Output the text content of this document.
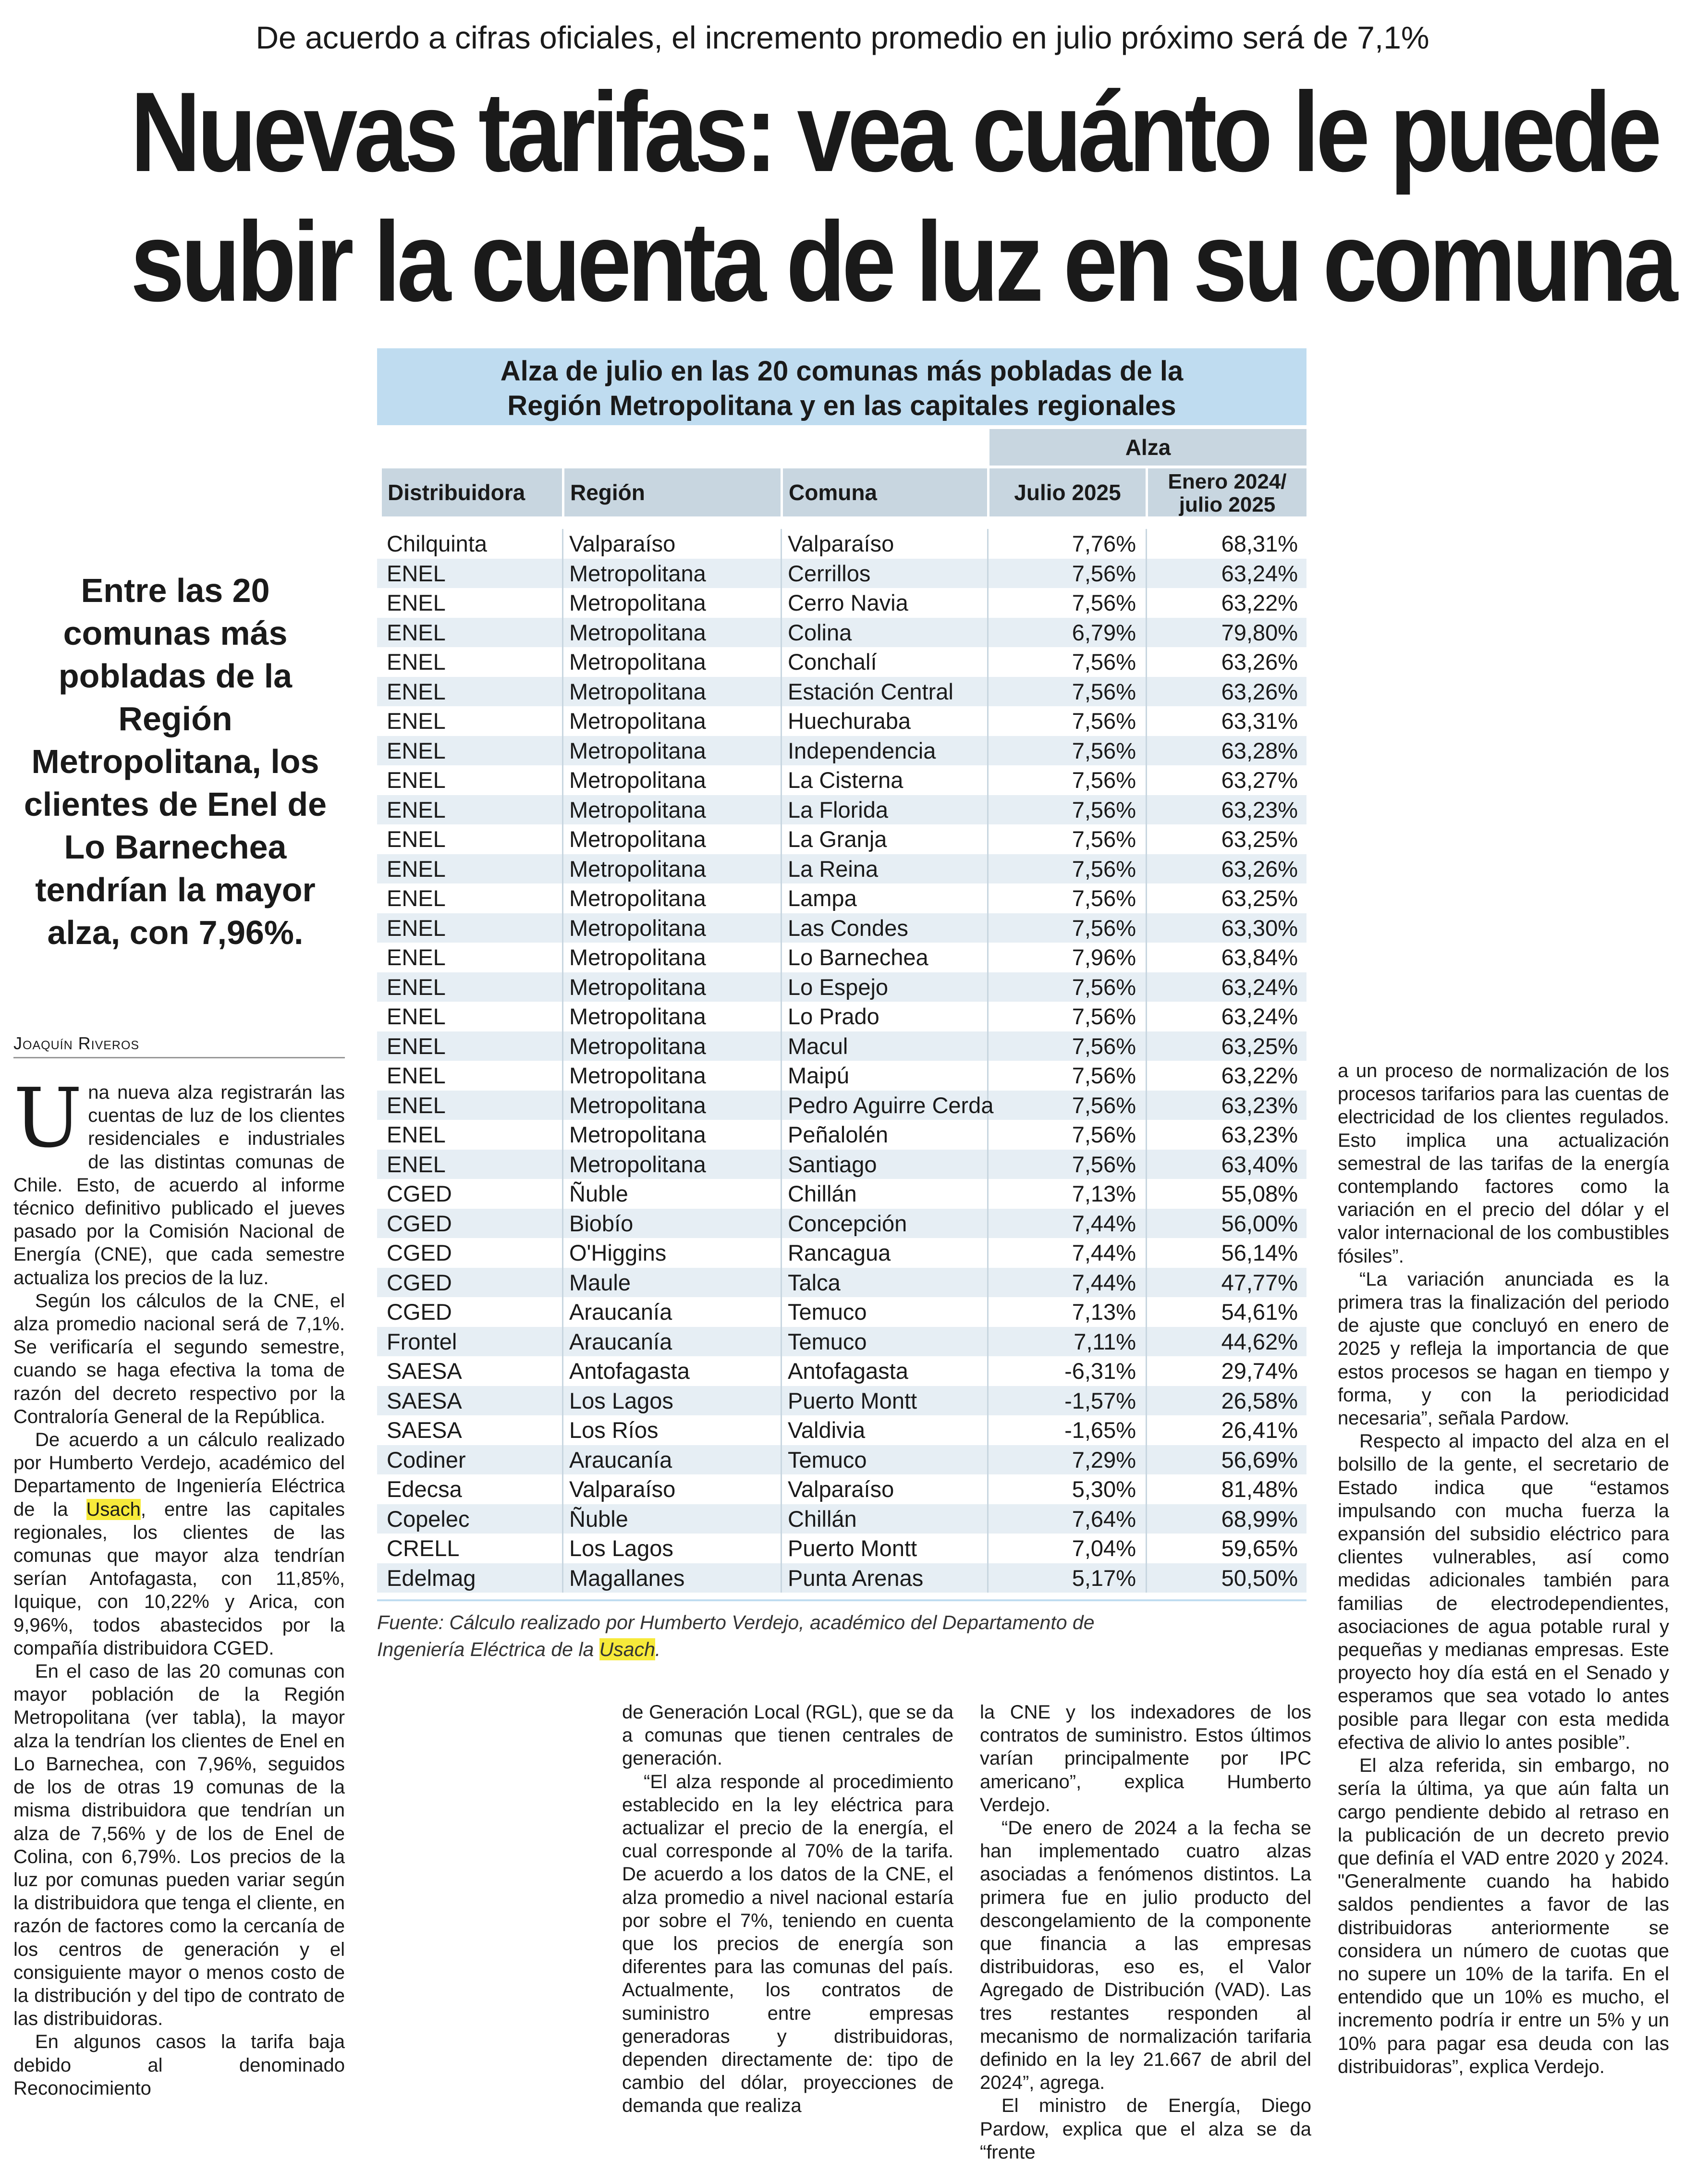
De acuerdo a cifras oficiales, el incremento promedio en julio próximo será de 7,1%
Nuevas tarifas: vea cuánto le puede
subir la cuenta de luz en su comuna
Entre las 20 comunas más pobladas de la Región Metropolitana, los clientes de Enel de Lo Barnechea tendrían la mayor alza, con 7,96%.
Joaquín Riveros

Una nueva alza registrarán las cuentas de luz de los clientes residenciales e industriales de las distintas comunas de Chile. Esto, de acuerdo al informe técnico definitivo publicado el jueves pasado por la Comisión Nacional de Energía (CNE), que cada semestre actualiza los precios de la luz.

Según los cálculos de la CNE, el alza promedio nacional será de 7,1%. Se verificaría el segundo semestre, cuando se haga efectiva la toma de razón del decreto respectivo por la Contraloría General de la República.

De acuerdo a un cálculo realizado por Humberto Verdejo, académico del Departamento de Ingeniería Eléctrica de la Usach, entre las capitales regionales, los clientes de las comunas que mayor alza tendrían serían Antofagasta, con 11,85%, Iquique, con 10,22% y Arica, con 9,96%, todos abastecidos por la compañía distribuidora CGED.

En el caso de las 20 comunas con mayor población de la Región Metropolitana (ver tabla), la mayor alza la tendrían los clientes de Enel en Lo Barnechea, con 7,96%, seguidos de los de otras 19 comunas de la misma distribuidora que tendrían un alza de 7,56% y de los de Enel de Colina, con 6,79%. Los precios de la luz por comunas pueden variar según la distribuidora que tenga el cliente, en razón de factores como la cercanía de los centros de generación y el consiguiente mayor o menos costo de la distribución y del tipo de contrato de las distribuidoras.

En algunos casos la tarifa baja debido al denominado Reconocimiento

Alza de julio en las 20 comunas más pobladas de la
Región Metropolitana y en las capitales regionales
Alza
Distribuidora	Región	Comuna	Julio 2025	Enero 2024/
julio 2025
Chilquinta	Valparaíso	Valparaíso	7,76%	68,31%
ENEL	Metropolitana	Cerrillos	7,56%	63,24%
ENEL	Metropolitana	Cerro Navia	7,56%	63,22%
ENEL	Metropolitana	Colina	6,79%	79,80%
ENEL	Metropolitana	Conchalí	7,56%	63,26%
ENEL	Metropolitana	Estación Central	7,56%	63,26%
ENEL	Metropolitana	Huechuraba	7,56%	63,31%
ENEL	Metropolitana	Independencia	7,56%	63,28%
ENEL	Metropolitana	La Cisterna	7,56%	63,27%
ENEL	Metropolitana	La Florida	7,56%	63,23%
ENEL	Metropolitana	La Granja	7,56%	63,25%
ENEL	Metropolitana	La Reina	7,56%	63,26%
ENEL	Metropolitana	Lampa	7,56%	63,25%
ENEL	Metropolitana	Las Condes	7,56%	63,30%
ENEL	Metropolitana	Lo Barnechea	7,96%	63,84%
ENEL	Metropolitana	Lo Espejo	7,56%	63,24%
ENEL	Metropolitana	Lo Prado	7,56%	63,24%
ENEL	Metropolitana	Macul	7,56%	63,25%
ENEL	Metropolitana	Maipú	7,56%	63,22%
ENEL	Metropolitana	Pedro Aguirre Cerda	7,56%	63,23%
ENEL	Metropolitana	Peñalolén	7,56%	63,23%
ENEL	Metropolitana	Santiago	7,56%	63,40%
CGED	Ñuble	Chillán	7,13%	55,08%
CGED	Biobío	Concepción	7,44%	56,00%
CGED	O'Higgins	Rancagua	7,44%	56,14%
CGED	Maule	Talca	7,44%	47,77%
CGED	Araucanía	Temuco	7,13%	54,61%
Frontel	Araucanía	Temuco	7,11%	44,62%
SAESA	Antofagasta	Antofagasta	-6,31%	29,74%
SAESA	Los Lagos	Puerto Montt	-1,57%	26,58%
SAESA	Los Ríos	Valdivia	-1,65%	26,41%
Codiner	Araucanía	Temuco	7,29%	56,69%
Edecsa	Valparaíso	Valparaíso	5,30%	81,48%
Copelec	Ñuble	Chillán	7,64%	68,99%
CRELL	Los Lagos	Puerto Montt	7,04%	59,65%
Edelmag	Magallanes	Punta Arenas	5,17%	50,50%
Fuente: Cálculo realizado por Humberto Verdejo, académico del Departamento de Ingeniería Eléctrica de la Usach.

de Generación Local (RGL), que se da a comunas que tienen centrales de generación.

“El alza responde al procedimiento establecido en la ley eléctrica para actualizar el precio de la energía, el cual corresponde al 70% de la tarifa. De acuerdo a los datos de la CNE, el alza promedio a nivel nacional estaría por sobre el 7%, teniendo en cuenta que los precios de energía son diferentes para las comunas del país. Actualmente, los contratos de suministro entre empresas generadoras y distribuidoras, dependen directamente de: tipo de cambio del dólar, proyecciones de demanda que realiza

la CNE y los indexadores de los contratos de suministro. Estos últimos varían principalmente por IPC americano”, explica Humberto Verdejo.

“De enero de 2024 a la fecha se han implementado cuatro alzas asociadas a fenómenos distintos. La primera fue en julio producto del descongelamiento de la componente que financia a las empresas distribuidoras, eso es, el Valor Agregado de Distribución (VAD). Las tres restantes responden al mecanismo de normalización tarifaria definido en la ley 21.667 de abril del 2024”, agrega.

El ministro de Energía, Diego Pardow, explica que el alza se da “frente

a un proceso de normalización de los procesos tarifarios para las cuentas de electricidad de los clientes regulados. Esto implica una actualización semestral de las tarifas de la energía contemplando factores como la variación en el precio del dólar y el valor internacional de los combustibles fósiles”.

“La variación anunciada es la primera tras la finalización del periodo de ajuste que concluyó en enero de 2025 y refleja la importancia de que estos procesos se hagan en tiempo y forma, y con la periodicidad necesaria”, señala Pardow.

Respecto al impacto del alza en el bolsillo de la gente, el secretario de Estado indica que “estamos impulsando con mucha fuerza la expansión del subsidio eléctrico para clientes vulnerables, así como medidas adicionales también para familias de electrodependientes, asociaciones de agua potable rural y pequeñas y medianas empresas. Este proyecto hoy día está en el Senado y esperamos que sea votado lo antes posible para llegar con esta medida efectiva de alivio lo antes posible”.

El alza referida, sin embargo, no sería la última, ya que aún falta un cargo pendiente debido al retraso en la publicación de un decreto previo que definía el VAD entre 2020 y 2024. "Generalmente cuando ha habido saldos pendientes a favor de las distribuidoras anteriormente se considera un número de cuotas que no supere un 10% de la tarifa. En el entendido que un 10% es mucho, el incremento podría ir entre un 5% y un 10% para pagar esa deuda con las distribuidoras”, explica Verdejo.
